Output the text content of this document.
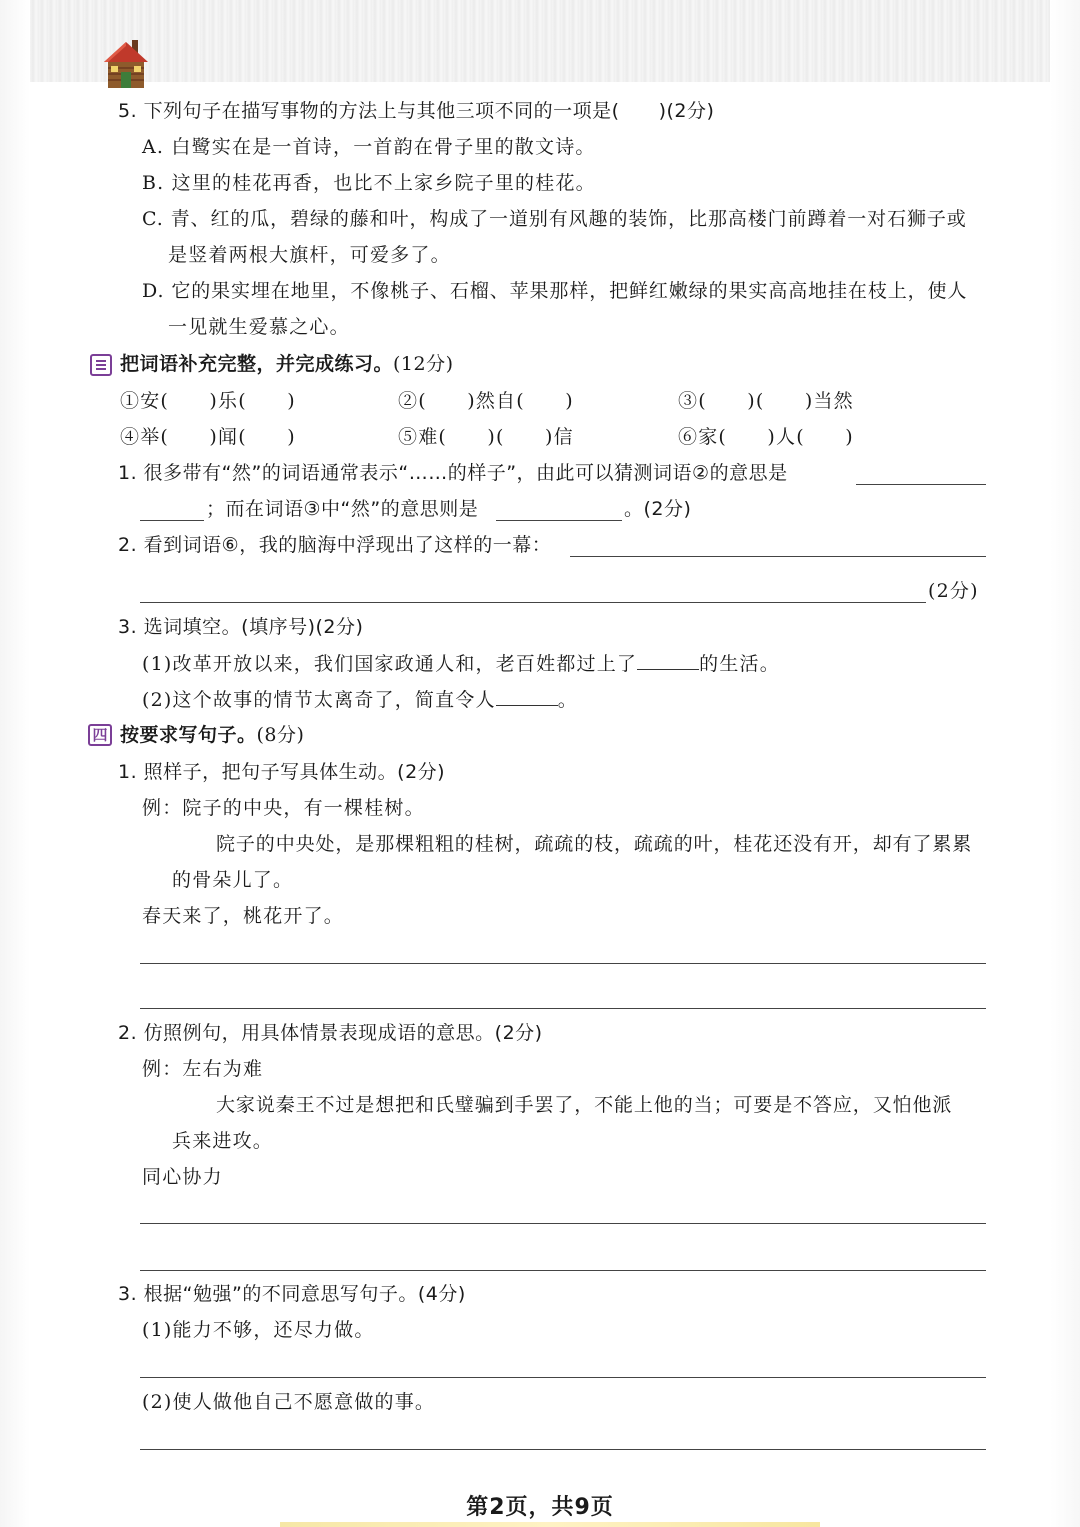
5. 下列句子在描写事物的方法上与其他三项不同的一项是(　　)(2分)
A. 白鹭实在是一首诗，一首韵在骨子里的散文诗。
B. 这里的桂花再香，也比不上家乡院子里的桂花。
C. 青、红的瓜，碧绿的藤和叶，构成了一道别有风趣的装饰，比那高楼门前蹲着一对石狮子或
是竖着两根大旗杆，可爱多了。
D. 它的果实埋在地里，不像桃子、石榴、苹果那样，把鲜红嫩绿的果实高高地挂在枝上，使人
一见就生爱慕之心。
把词语补充完整，并完成练习。(12分)
①安(　　)乐(　　)	②(　　)然自(　　)	③(　　)(　　)当然
④举(　　)闻(　　)	⑤难(　　)(　　)信	⑥家(　　)人(　　)
1. 很多带有“然”的词语通常表示“……的样子”，由此可以猜测词语②的意思是
；而在词语③中“然”的意思则是	。(2分)
2. 看到词语⑥，我的脑海中浮现出了这样的一幕：
(2分)
3. 选词填空。(填序号)(2分)
(1)改革开放以来，我们国家政通人和，老百姓都过上了	的生活。
(2)这个故事的情节太离奇了，简直令人	。
四 按要求写句子。(8分)
1. 照样子，把句子写具体生动。(2分)
例：院子的中央，有一棵桂树。
院子的中央处，是那棵粗粗的桂树，疏疏的枝，疏疏的叶，桂花还没有开，却有了累累
的骨朵儿了。
春天来了，桃花开了。
2. 仿照例句，用具体情景表现成语的意思。(2分)
例：左右为难
大家说秦王不过是想把和氏璧骗到手罢了，不能上他的当；可要是不答应，又怕他派
兵来进攻。
同心协力
3. 根据“勉强”的不同意思写句子。(4分)
(1)能力不够，还尽力做。
(2)使人做他自己不愿意做的事。
第2页，共9页
